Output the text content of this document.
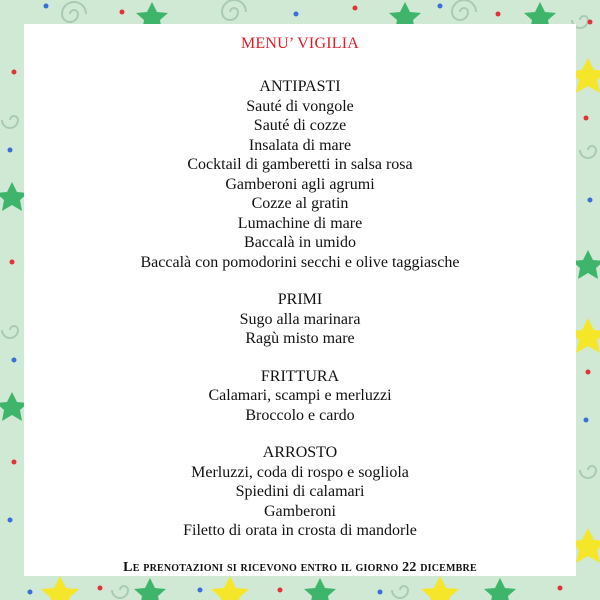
MENU’ VIGILIA
ANTIPASTI
Sauté di vongole
Sauté di cozze
Insalata di mare
Cocktail di gamberetti in salsa rosa
Gamberoni agli agrumi
Cozze al gratin
Lumachine di mare
Baccalà in umido
Baccalà con pomodorini secchi e olive taggiasche
PRIMI
Sugo alla marinara
Ragù misto mare
FRITTURA
Calamari, scampi e merluzzi
Broccolo e cardo
ARROSTO
Merluzzi, coda di rospo e sogliola
Spiedini di calamari
Gamberoni
Filetto di orata in crosta di mandorle
Le prenotazioni si ricevono entro il giorno 22 dicembre
